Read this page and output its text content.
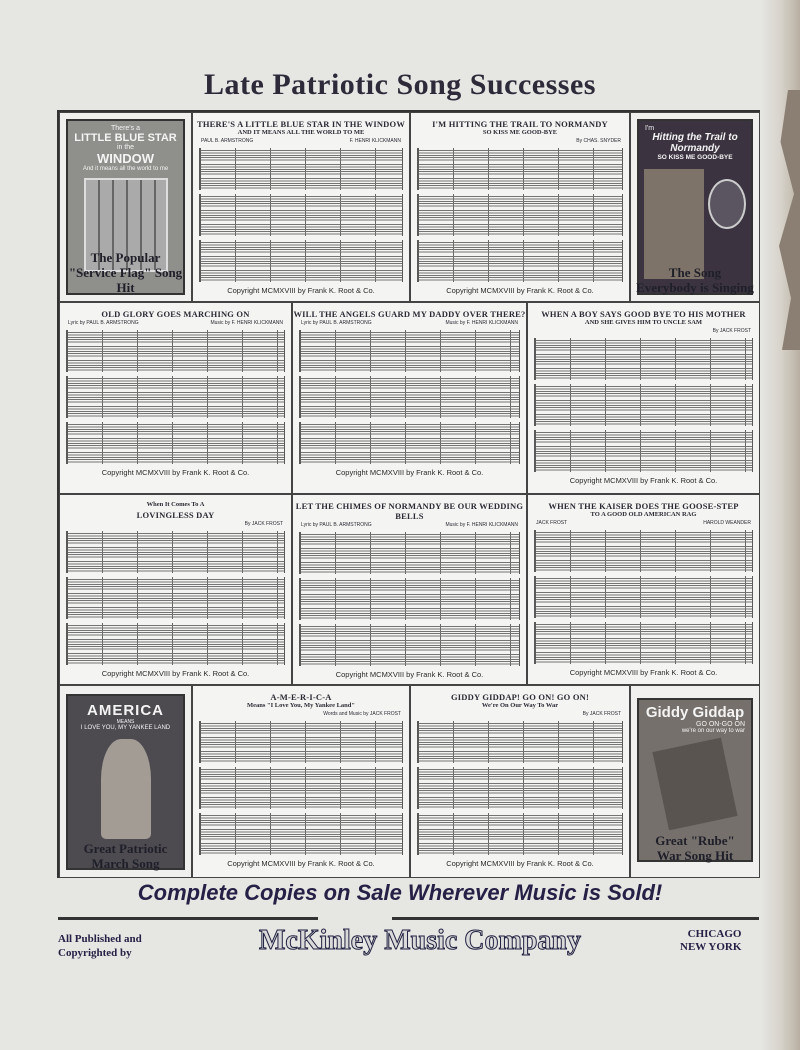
Late Patriotic Song Successes
There's a
LITTLE BLUE STAR
in the
WINDOW
And it means all the world to me
The Popular
"Service Flag" Song Hit
THERE'S A LITTLE BLUE STAR IN THE WINDOW
AND IT MEANS ALL THE WORLD TO ME
PAUL B. ARMSTRONG	F. HENRI KLICKMANN
Copyright MCMXVIII by Frank K. Root & Co.
I'M HITTING THE TRAIL TO NORMANDY
SO KISS ME GOOD-BYE
By CHAS. SNYDER
Copyright MCMXVIII by Frank K. Root & Co.
I'm
Hitting the Trail to Normandy
SO KISS ME GOOD-BYE
The Song
Everybody is Singing
OLD GLORY GOES MARCHING ON
Lyric by PAUL B. ARMSTRONG	Music by F. HENRI KLICKMANN
Copyright MCMXVIII by Frank K. Root & Co.
WILL THE ANGELS GUARD MY DADDY OVER THERE?
Lyric by PAUL B. ARMSTRONG	Music by F. HENRI KLICKMANN
Copyright MCMXVIII by Frank K. Root & Co.
WHEN A BOY SAYS GOOD BYE TO HIS MOTHER
AND SHE GIVES HIM TO UNCLE SAM
By JACK FROST
Copyright MCMXVIII by Frank K. Root & Co.
When It Comes To A
LOVINGLESS DAY
By JACK FROST
Copyright MCMXVIII by Frank K. Root & Co.
LET THE CHIMES OF NORMANDY BE OUR WEDDING BELLS
Lyric by PAUL B. ARMSTRONG	Music by F. HENRI KLICKMANN
Copyright MCMXVIII by Frank K. Root & Co.
WHEN THE KAISER DOES THE GOOSE-STEP
TO A GOOD OLD AMERICAN RAG
JACK FROST	HAROLD WEANDER
Copyright MCMXVIII by Frank K. Root & Co.
AMERICA
MEANS
I LOVE YOU, MY YANKEE LAND
Great Patriotic
March Song
A-M-E-R-I-C-A
Means "I Love You, My Yankee Land"
Words and Music by JACK FROST
Copyright MCMXVIII by Frank K. Root & Co.
GIDDY GIDDAP! GO ON! GO ON!
We're On Our Way To War
By JACK FROST
Copyright MCMXVIII by Frank K. Root & Co.
Giddy Giddap
GO ON-GO ON
we're on our way to war
Great "Rube"
War Song Hit
Complete Copies on Sale Wherever Music is Sold!
All Published and
Copyrighted by	McKinley Music Company	CHICAGO
NEW YORK
